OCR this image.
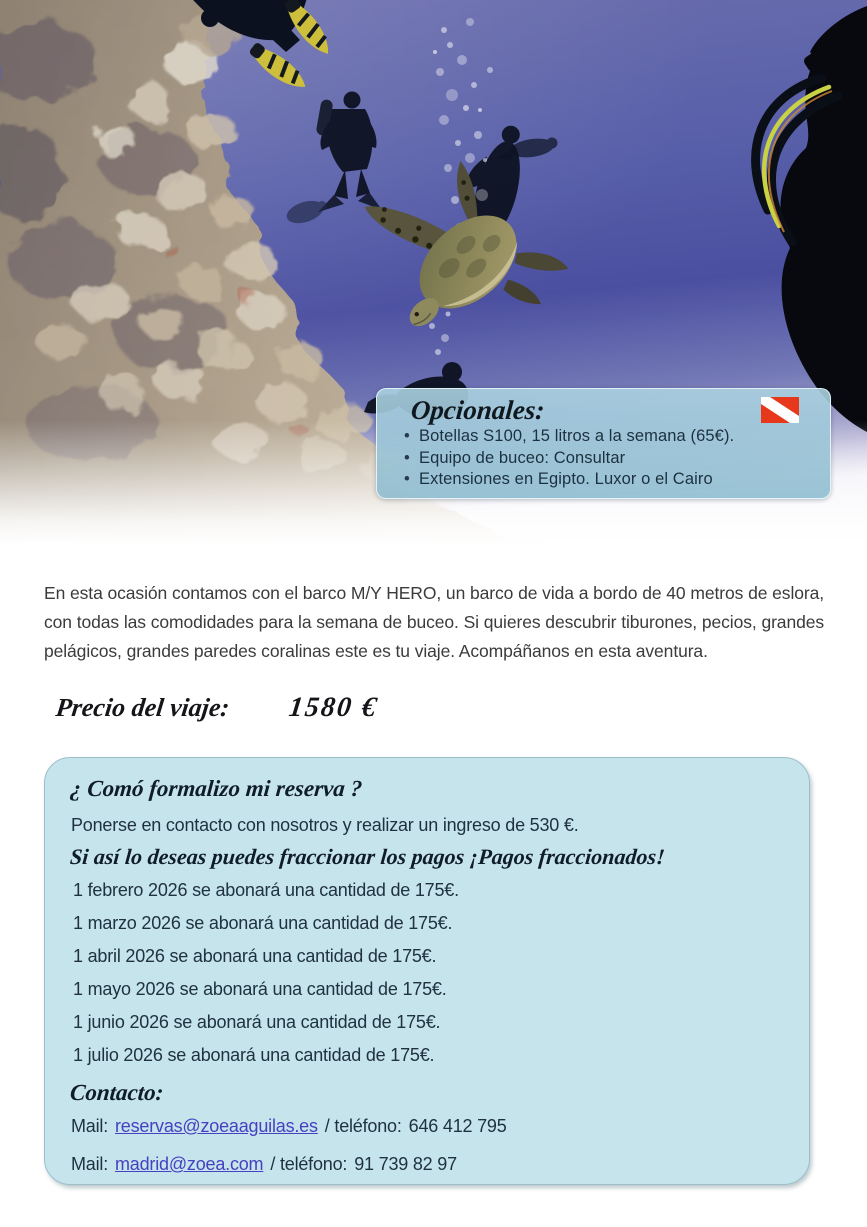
Opcionales:
• Botellas S100, 15 litros a la semana (65€).
• Equipo de buceo: Consultar
• Extensiones en Egipto. Luxor o el Cairo

En esta ocasión contamos con el barco M/Y HERO, un barco de vida a bordo de 40 metros de eslora, con todas las comodidades para la semana de buceo. Si quieres descubrir tiburones, pecios, grandes pelágicos, grandes paredes coralinas este es tu viaje. Acompáñanos en esta aventura.

Precio del viaje: 1580 €
¿ Comó formalizo mi reserva ?

Ponerse en contacto con nosotros y realizar un ingreso de 530 €.

Si así lo deseas puedes fraccionar los pagos ¡Pagos fraccionados!
1 febrero 2026 se abonará una cantidad de 175€.
1 marzo 2026 se abonará una cantidad de 175€.
1 abril 2026 se abonará una cantidad de 175€.
1 mayo 2026 se abonará una cantidad de 175€.
1 junio 2026 se abonará una cantidad de 175€.
1 julio 2026 se abonará una cantidad de 175€.
Contacto:
Mail: reservas@zoeaaguilas.es / teléfono: 646 412 795
Mail: madrid@zoea.com / teléfono: 91 739 82 97
